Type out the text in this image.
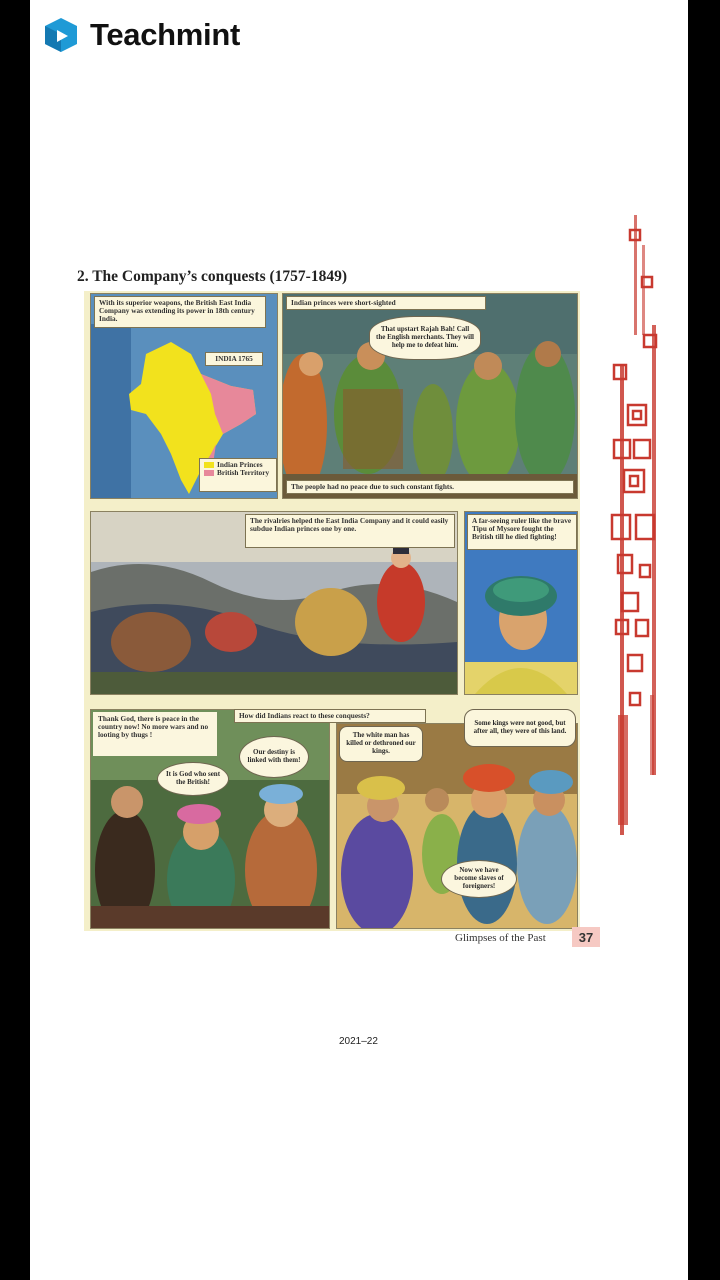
Teachmint
2. The Company’s conquests (1757-1849)
With its superior weapons, the British East India Company was extending its power in 18th century India.
INDIA 1765
Indian Princes
British Territory
Indian princes were short-sighted
That upstart Rajah Bah! Call the English merchants. They will help me to defeat him.
The people had no peace due to such constant fights.
The rivalries helped the East India Company and it could easily subdue Indian princes one by one.
A far-seeing ruler like the brave Tipu of Mysore fought the British till he died fighting!
Thank God, there is peace in the country now! No more wars and no looting by thugs !
It is God who sent the British!
Our destiny is linked with them!
How did Indians react to these conquests?
The white man has killed or dethroned our kings.
Now we have become slaves of foreigners!
Some kings were not good, but after all, they were of this land.
Glimpses of the Past	37
2021–22
